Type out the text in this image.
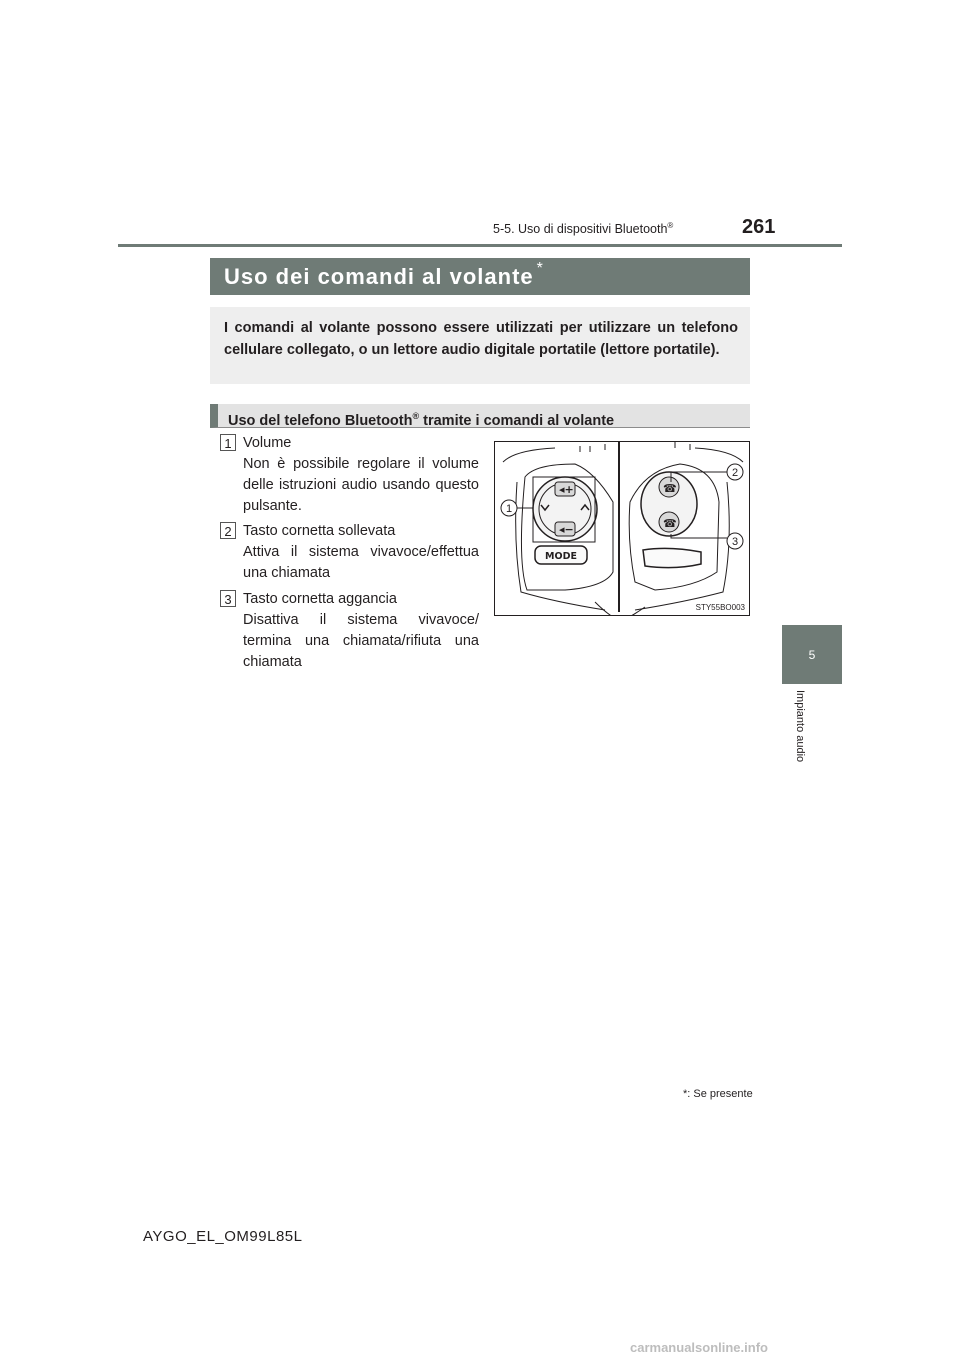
5-5. Uso di dispositivi Bluetooth®	261
5
Impianto audio
Uso dei comandi al volante *
I comandi al volante possono essere utilizzati per utilizzare un telefono cellulare collegato, o un lettore audio digitale portatile (lettore portatile).
Uso del telefono Bluetooth® tramite i comandi al volante
1 Volume
Non è possibile regolare il volume delle istruzioni audio usando questo pulsante.
2 Tasto cornetta sollevata
Attiva il sistema vivavoce/effettua una chiamata
3 Tasto cornetta aggancia
Disattiva il sistema vivavoce/ termina una chiamata/rifiuta una chiamata
◂+
◂−
MODE
☎
☎
1
2
3
STY55BO003
*: Se presente
AYGO_EL_OM99L85L
carmanualsonline.info
